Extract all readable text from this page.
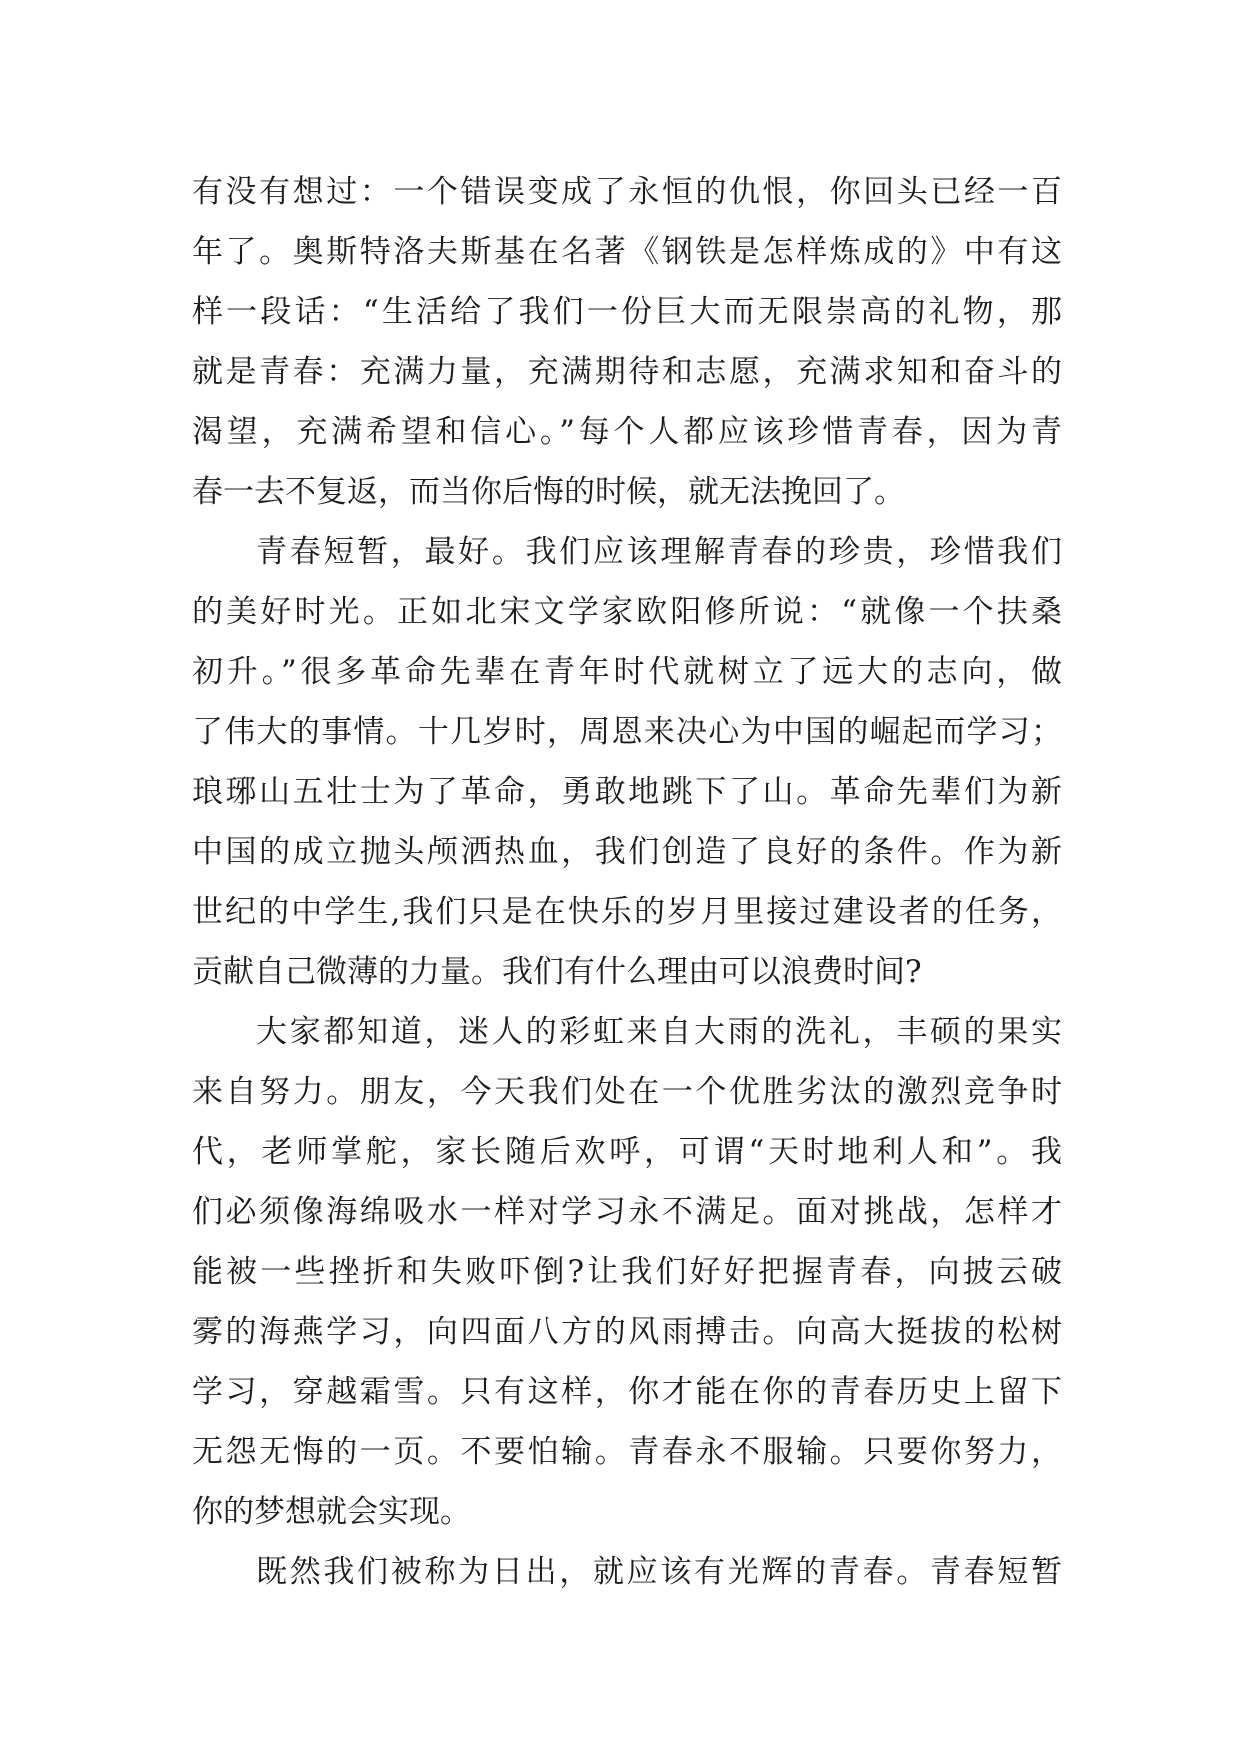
有没有想过：一个错误变成了永恒的仇恨，你回头已经一百
年了。奥斯特洛夫斯基在名著《钢铁是怎样炼成的》中有这
样一段话：“生活给了我们一份巨大而无限崇高的礼物，那
就是青春：充满力量，充满期待和志愿，充满求知和奋斗的
渴望，充满希望和信心。”每个人都应该珍惜青春，因为青
春一去不复返，而当你后悔的时候，就无法挽回了。
青春短暂，最好。我们应该理解青春的珍贵，珍惜我们
的美好时光。正如北宋文学家欧阳修所说：“就像一个扶桑
初升。”很多革命先辈在青年时代就树立了远大的志向，做
了伟大的事情。十几岁时，周恩来决心为中国的崛起而学习；
琅琊山五壮士为了革命，勇敢地跳下了山。革命先辈们为新
中国的成立抛头颅洒热血，我们创造了良好的条件。作为新
世纪的中学生,我们只是在快乐的岁月里接过建设者的任务，
贡献自己微薄的力量。我们有什么理由可以浪费时间?
大家都知道，迷人的彩虹来自大雨的洗礼，丰硕的果实
来自努力。朋友，今天我们处在一个优胜劣汰的激烈竞争时
代，老师掌舵，家长随后欢呼，可谓“天时地利人和”。我
们必须像海绵吸水一样对学习永不满足。面对挑战，怎样才
能被一些挫折和失败吓倒?让我们好好把握青春，向披云破
雾的海燕学习，向四面八方的风雨搏击。向高大挺拔的松树
学习，穿越霜雪。只有这样，你才能在你的青春历史上留下
无怨无悔的一页。不要怕输。青春永不服输。只要你努力，
你的梦想就会实现。
既然我们被称为日出，就应该有光辉的青春。青春短暂
